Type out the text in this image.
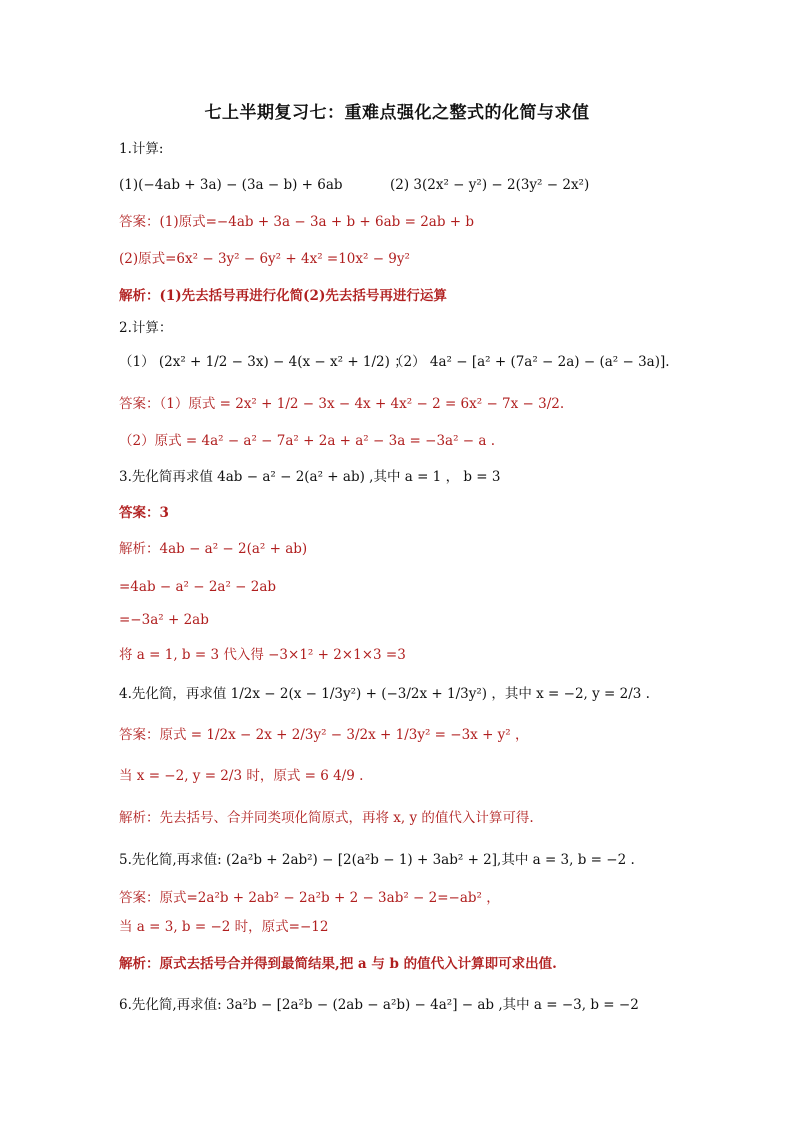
七上半期复习七：重难点强化之整式的化简与求值
1.计算:
(1)(−4ab + 3a) − (3a − b) + 6ab	(2) 3(2x² − y²) − 2(3y² − 2x²)
答案：(1)原式=−4ab + 3a − 3a + b + 6ab = 2ab + b
(2)原式=6x² − 3y² − 6y² + 4x² =10x² − 9y²
解析：(1)先去括号再进行化简(2)先去括号再进行运算
2.计算：
（1） (2x² + 1/2 − 3x) − 4(x − x² + 1/2) ；
（2） 4a² − [a² + (7a² − 2a) − (a² − 3a)].
答案：（1）原式 = 2x² + 1/2 − 3x − 4x + 4x² − 2 = 6x² − 7x − 3/2.
（2）原式 = 4a² − a² − 7a² + 2a + a² − 3a = −3a² − a .
3.先化简再求值 4ab − a² − 2(a² + ab) ,其中 a = 1 ， b = 3
答案：3
解析：4ab − a² − 2(a² + ab)
=4ab − a² − 2a² − 2ab
=−3a² + 2ab
将 a = 1, b = 3 代入得 −3×1² + 2×1×3 =3
4.先化简，再求值 1/2x − 2(x − 1/3y²) + (−3/2x + 1/3y²) ，其中 x = −2, y = 2/3 .
答案：原式 = 1/2x − 2x + 2/3y² − 3/2x + 1/3y² = −3x + y² ，
当 x = −2, y = 2/3 时，原式 = 6 4/9 .
解析：先去括号、合并同类项化简原式，再将 x, y 的值代入计算可得.
5.先化简,再求值: (2a²b + 2ab²) − [2(a²b − 1) + 3ab² + 2],其中 a = 3, b = −2 .
答案：原式=2a²b + 2ab² − 2a²b + 2 − 3ab² − 2=−ab² ，
当 a = 3, b = −2 时，原式=−12
解析：原式去括号合并得到最简结果,把 a 与 b 的值代入计算即可求出值.
6.先化简,再求值: 3a²b − [2a²b − (2ab − a²b) − 4a²] − ab ,其中 a = −3, b = −2
